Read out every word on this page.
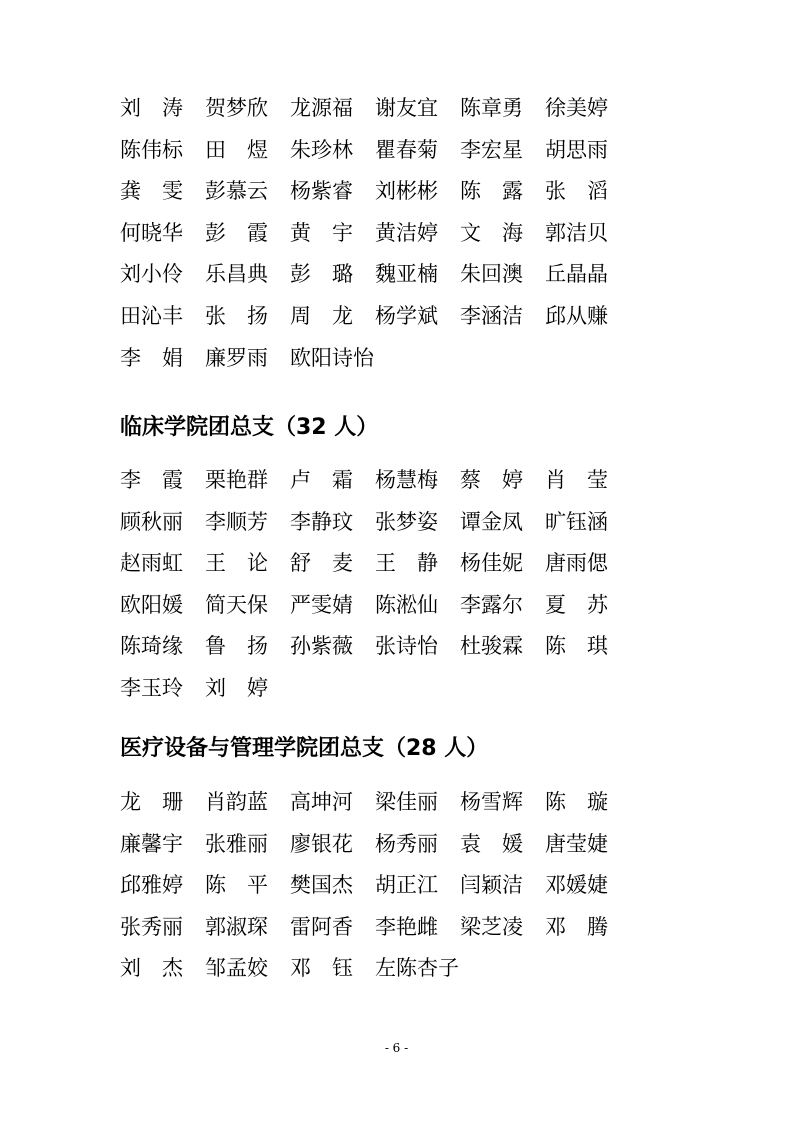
刘　涛	贺梦欣	龙源福	谢友宜	陈章勇	徐美婷
陈伟标	田　煜	朱珍林	瞿春菊	李宏星	胡思雨
龚　雯	彭慕云	杨紫睿	刘彬彬	陈　露	张　滔
何晓华	彭　霞	黄　宇	黄洁婷	文　海	郭洁贝
刘小伶	乐昌典	彭　璐	魏亚楠	朱回澳	丘晶晶
田沁丰	张　扬	周　龙	杨学斌	李涵洁	邱从赚
李　娟	廉罗雨	欧阳诗怡
临床学院团总支（32 人）
李　霞	栗艳群	卢　霜	杨慧梅	蔡　婷	肖　莹
顾秋丽	李顺芳	李静玟	张梦姿	谭金凤	旷钰涵
赵雨虹	王　论	舒　麦	王　静	杨佳妮	唐雨偲
欧阳媛	简天保	严雯婧	陈淞仙	李露尔	夏　苏
陈琦缘	鲁　扬	孙紫薇	张诗怡	杜骏霖	陈　琪
李玉玲	刘　婷
医疗设备与管理学院团总支（28 人）
龙　珊	肖韵蓝	高坤河	梁佳丽	杨雪辉	陈　璇
廉馨宇	张雅丽	廖银花	杨秀丽	袁　媛	唐莹婕
邱雅婷	陈　平	樊国杰	胡正江	闫颖洁	邓媛婕
张秀丽	郭淑琛	雷阿香	李艳雌	梁芝凌	邓　腾
刘　杰	邹孟姣	邓　钰	左陈杏子
- 6 -
